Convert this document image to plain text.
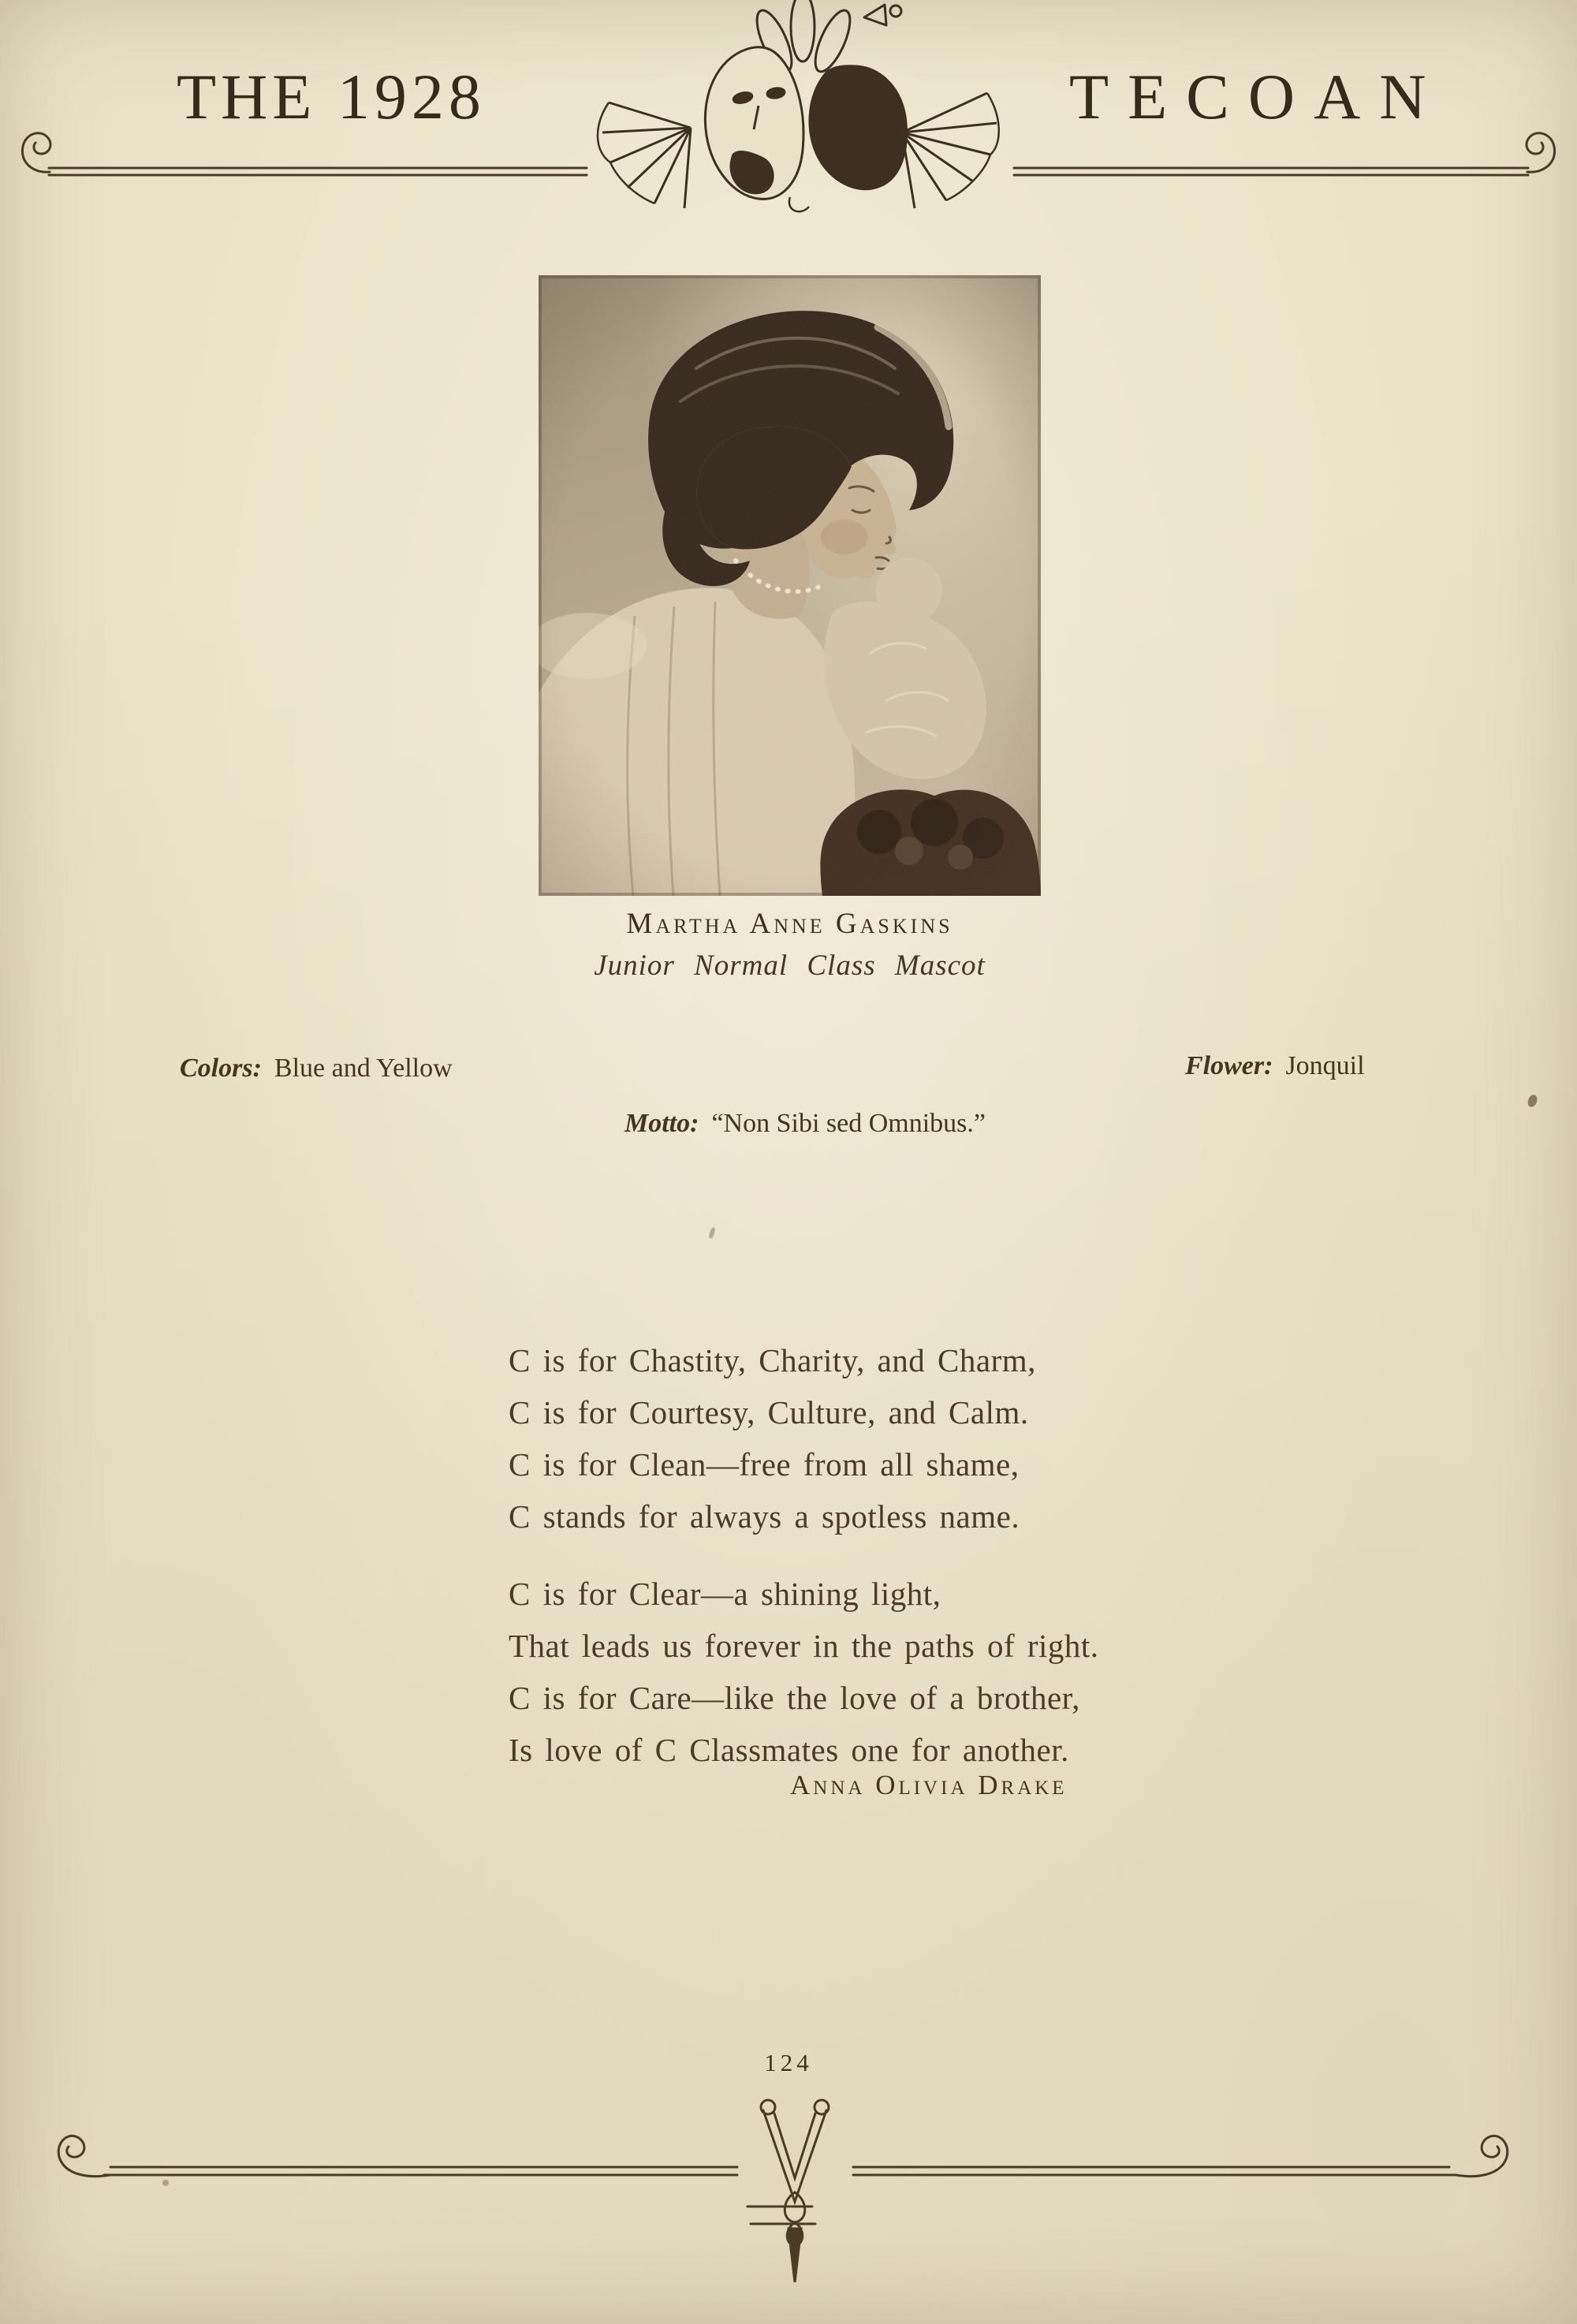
THE 1928	TECOAN
Martha Anne Gaskins
Junior Normal Class Mascot
Colors: Blue and Yellow	Flower: Jonquil
Motto: “Non Sibi sed Omnibus.”
C is for Chastity, Charity, and Charm,
C is for Courtesy, Culture, and Calm.
C is for Clean—free from all shame,
C stands for always a spotless name.
C is for Clear—a shining light,
That leads us forever in the paths of right.
C is for Care—like the love of a brother,
Is love of C Classmates one for another.
Anna Olivia Drake
124
